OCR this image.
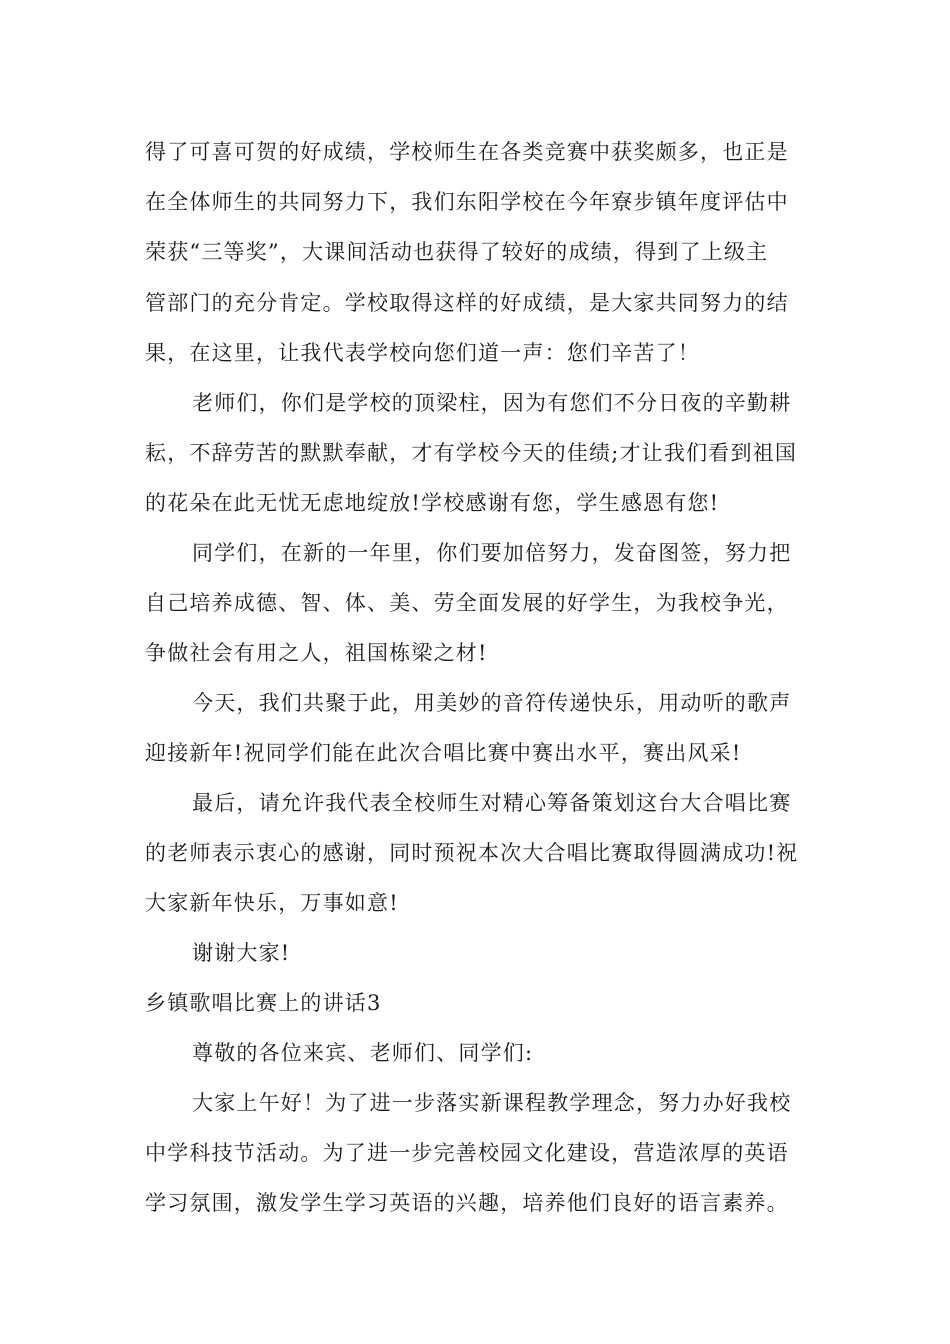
得了可喜可贺的好成绩，学校师生在各类竞赛中获奖颇多，也正是
在全体师生的共同努力下，我们东阳学校在今年寮步镇年度评估中
荣获“三等奖”，大课间活动也获得了较好的成绩，得到了上级主
管部门的充分肯定。学校取得这样的好成绩，是大家共同努力的结
果，在这里，让我代表学校向您们道一声：您们辛苦了！
老师们，你们是学校的顶梁柱，因为有您们不分日夜的辛勤耕
耘，不辞劳苦的默默奉献，才有学校今天的佳绩;才让我们看到祖国
的花朵在此无忧无虑地绽放!学校感谢有您，学生感恩有您!
同学们，在新的一年里，你们要加倍努力，发奋图签，努力把
自己培养成德、智、体、美、劳全面发展的好学生，为我校争光，
争做社会有用之人，祖国栋梁之材!
今天，我们共聚于此，用美妙的音符传递快乐，用动听的歌声
迎接新年!祝同学们能在此次合唱比赛中赛出水平，赛出风采!
最后，请允许我代表全校师生对精心筹备策划这台大合唱比赛
的老师表示衷心的感谢，同时预祝本次大合唱比赛取得圆满成功!祝
大家新年快乐，万事如意!
谢谢大家!
乡镇歌唱比赛上的讲话3
尊敬的各位来宾、老师们、同学们:
大家上午好！为了进一步落实新课程教学理念，努力办好我校
中学科技节活动。为了进一步完善校园文化建设，营造浓厚的英语
学习氛围，激发学生学习英语的兴趣，培养他们良好的语言素养。
